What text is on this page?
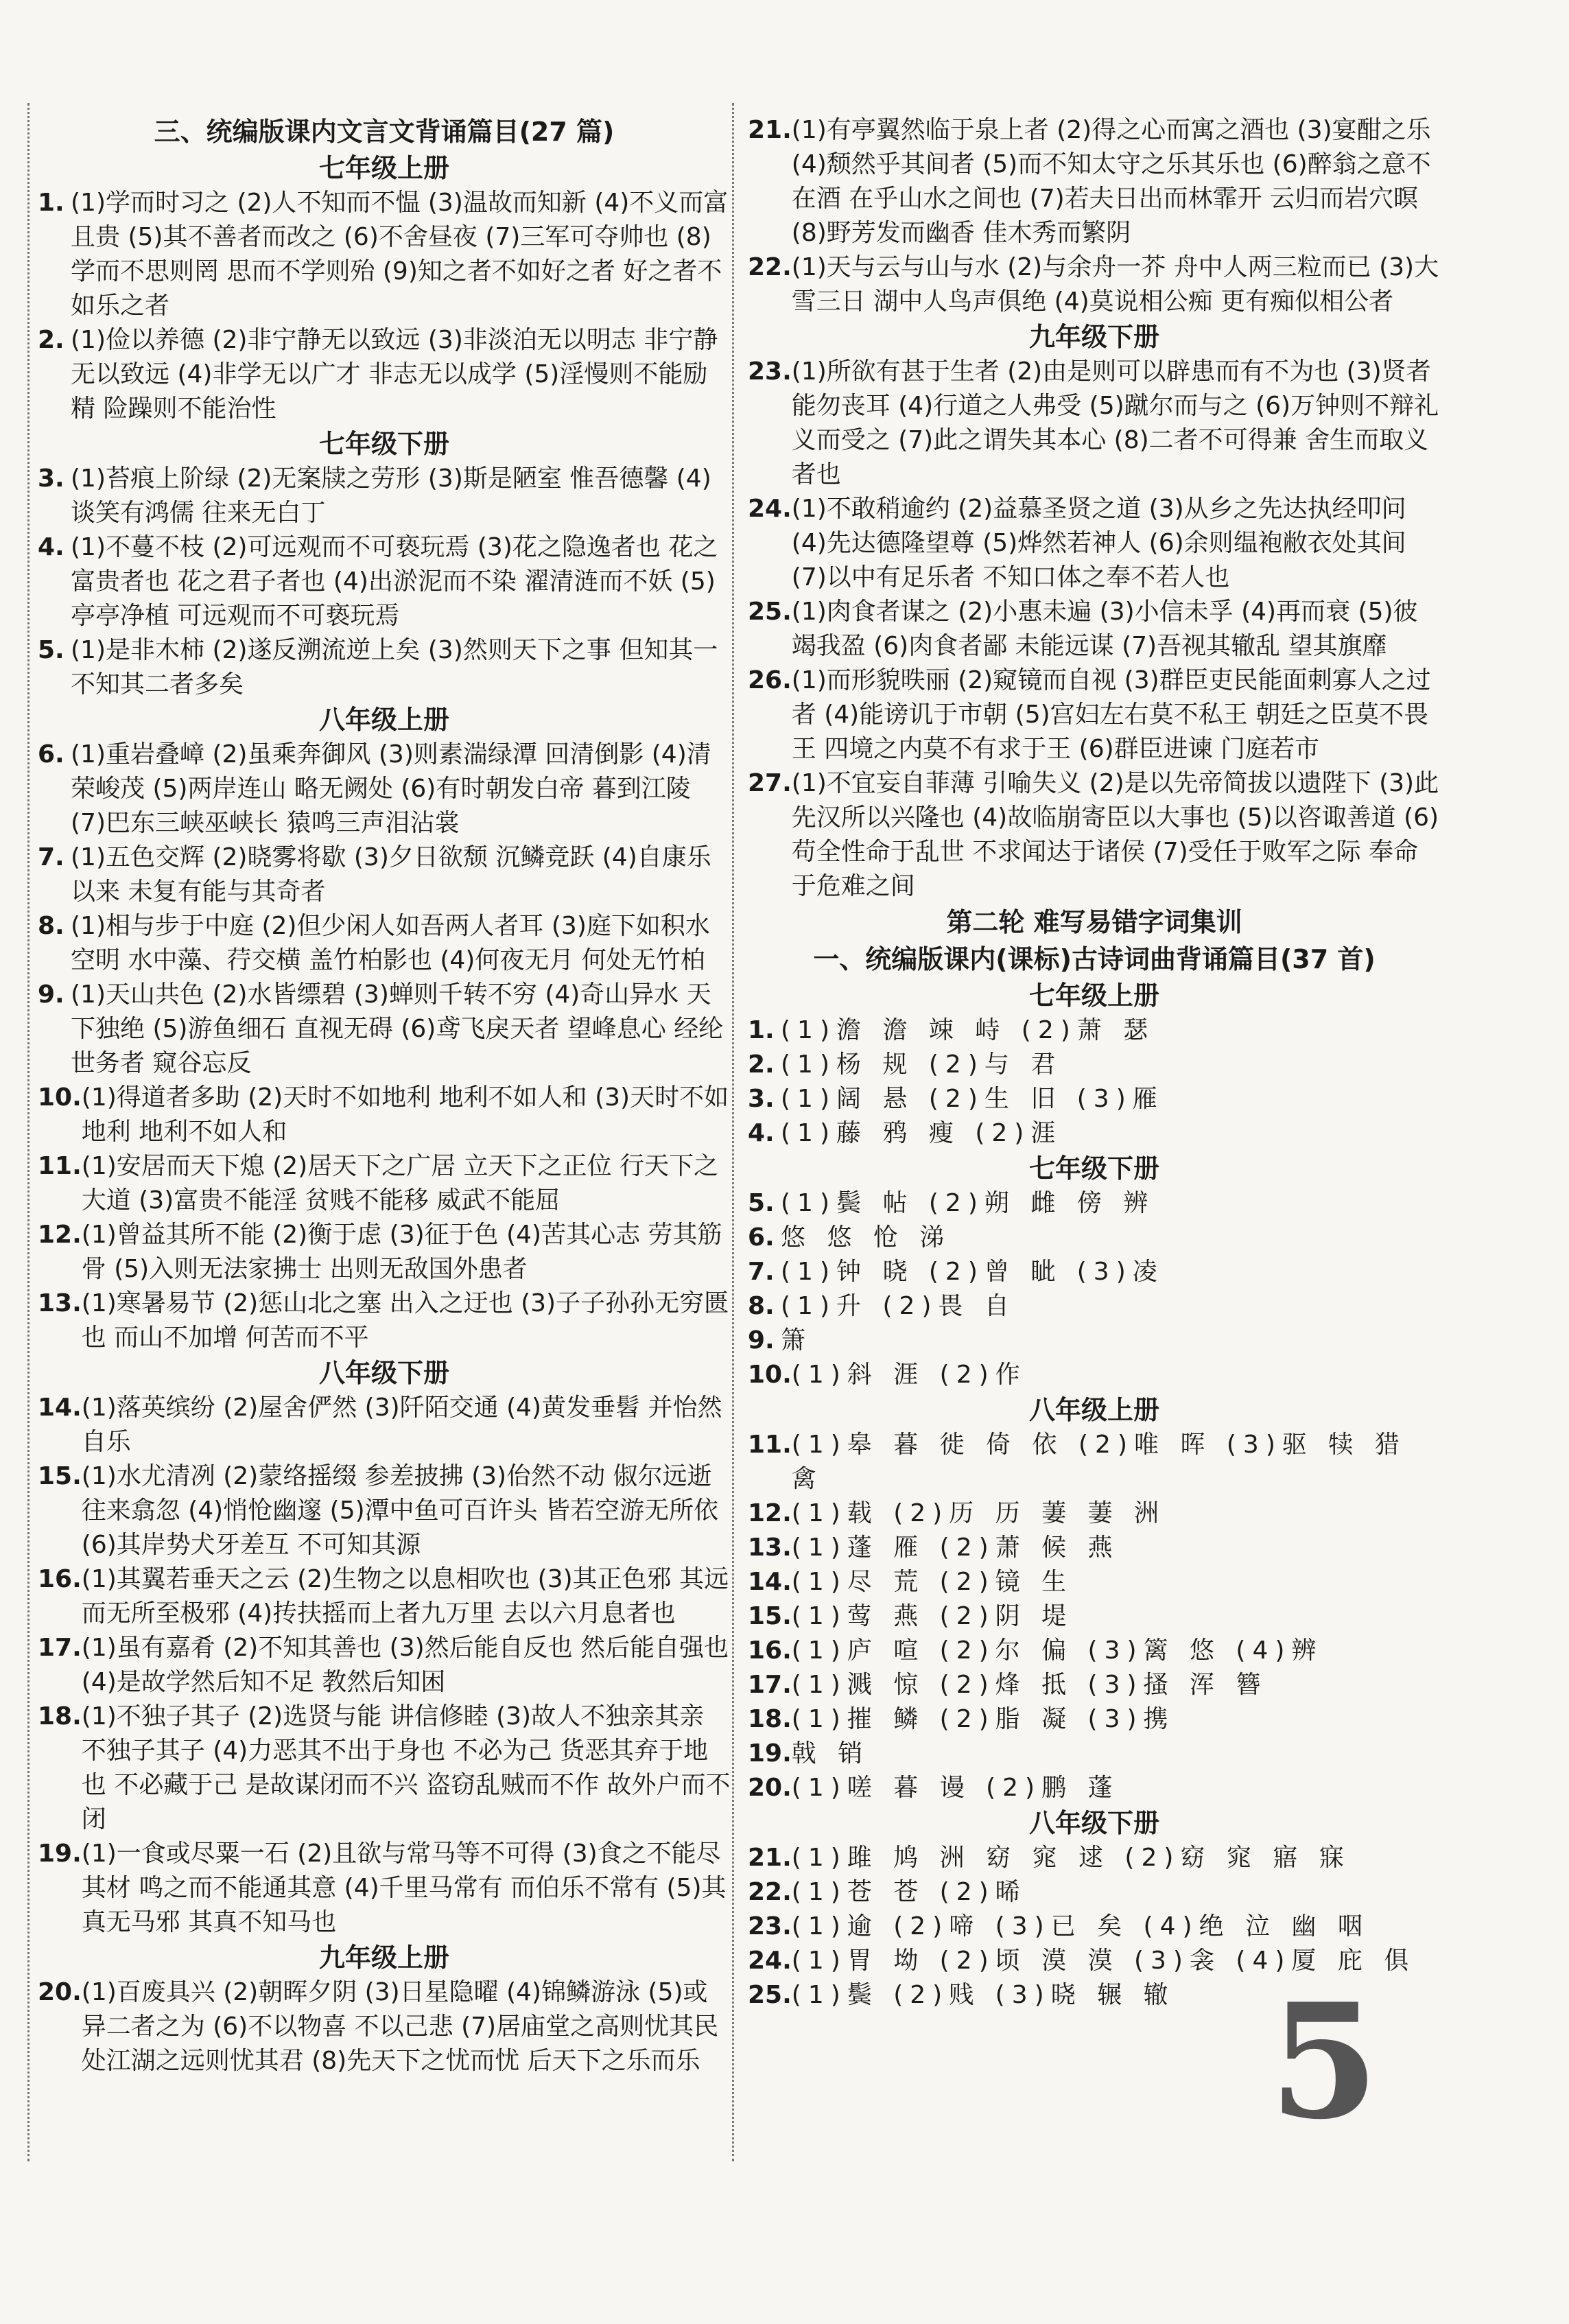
三、统编版课内文言文背诵篇目(27 篇)
七年级上册
1. (1)学而时习之 (2)人不知而不愠 (3)温故而知新 (4)不义而富且贵 (5)其不善者而改之 (6)不舍昼夜 (7)三军可夺帅也 (8)学而不思则罔 思而不学则殆 (9)知之者不如好之者 好之者不如乐之者
2. (1)俭以养德 (2)非宁静无以致远 (3)非淡泊无以明志 非宁静无以致远 (4)非学无以广才 非志无以成学 (5)淫慢则不能励精 险躁则不能治性
七年级下册
3. (1)苔痕上阶绿 (2)无案牍之劳形 (3)斯是陋室 惟吾德馨 (4)谈笑有鸿儒 往来无白丁
4. (1)不蔓不枝 (2)可远观而不可亵玩焉 (3)花之隐逸者也 花之富贵者也 花之君子者也 (4)出淤泥而不染 濯清涟而不妖 (5)亭亭净植 可远观而不可亵玩焉
5. (1)是非木柿 (2)遂反溯流逆上矣 (3)然则天下之事 但知其一 不知其二者多矣
八年级上册
6. (1)重岩叠嶂 (2)虽乘奔御风 (3)则素湍绿潭 回清倒影 (4)清荣峻茂 (5)两岸连山 略无阙处 (6)有时朝发白帝 暮到江陵 (7)巴东三峡巫峡长 猿鸣三声泪沾裳
7. (1)五色交辉 (2)晓雾将歇 (3)夕日欲颓 沉鳞竞跃 (4)自康乐以来 未复有能与其奇者
8. (1)相与步于中庭 (2)但少闲人如吾两人者耳 (3)庭下如积水空明 水中藻、荇交横 盖竹柏影也 (4)何夜无月 何处无竹柏
9. (1)天山共色 (2)水皆缥碧 (3)蝉则千转不穷 (4)奇山异水 天下独绝 (5)游鱼细石 直视无碍 (6)鸢飞戾天者 望峰息心 经纶世务者 窥谷忘反
10. (1)得道者多助 (2)天时不如地利 地利不如人和 (3)天时不如地利 地利不如人和
11. (1)安居而天下熄 (2)居天下之广居 立天下之正位 行天下之大道 (3)富贵不能淫 贫贱不能移 威武不能屈
12. (1)曾益其所不能 (2)衡于虑 (3)征于色 (4)苦其心志 劳其筋骨 (5)入则无法家拂士 出则无敌国外患者
13. (1)寒暑易节 (2)惩山北之塞 出入之迂也 (3)子子孙孙无穷匮也 而山不加增 何苦而不平
八年级下册
14. (1)落英缤纷 (2)屋舍俨然 (3)阡陌交通 (4)黄发垂髫 并怡然自乐
15. (1)水尤清冽 (2)蒙络摇缀 参差披拂 (3)佁然不动 俶尔远逝 往来翕忽 (4)悄怆幽邃 (5)潭中鱼可百许头 皆若空游无所依 (6)其岸势犬牙差互 不可知其源
16. (1)其翼若垂天之云 (2)生物之以息相吹也 (3)其正色邪 其远而无所至极邪 (4)抟扶摇而上者九万里 去以六月息者也
17. (1)虽有嘉肴 (2)不知其善也 (3)然后能自反也 然后能自强也 (4)是故学然后知不足 教然后知困
18. (1)不独子其子 (2)选贤与能 讲信修睦 (3)故人不独亲其亲 不独子其子 (4)力恶其不出于身也 不必为己 货恶其弃于地也 不必藏于己 是故谋闭而不兴 盗窃乱贼而不作 故外户而不闭
19. (1)一食或尽粟一石 (2)且欲与常马等不可得 (3)食之不能尽其材 鸣之而不能通其意 (4)千里马常有 而伯乐不常有 (5)其真无马邪 其真不知马也
九年级上册
20. (1)百废具兴 (2)朝晖夕阴 (3)日星隐曜 (4)锦鳞游泳 (5)或异二者之为 (6)不以物喜 不以己悲 (7)居庙堂之高则忧其民 处江湖之远则忧其君 (8)先天下之忧而忧 后天下之乐而乐
21. (1)有亭翼然临于泉上者 (2)得之心而寓之酒也 (3)宴酣之乐 (4)颓然乎其间者 (5)而不知太守之乐其乐也 (6)醉翁之意不在酒 在乎山水之间也 (7)若夫日出而林霏开 云归而岩穴暝 (8)野芳发而幽香 佳木秀而繁阴
22. (1)天与云与山与水 (2)与余舟一芥 舟中人两三粒而已 (3)大雪三日 湖中人鸟声俱绝 (4)莫说相公痴 更有痴似相公者
九年级下册
23. (1)所欲有甚于生者 (2)由是则可以辟患而有不为也 (3)贤者能勿丧耳 (4)行道之人弗受 (5)蹴尔而与之 (6)万钟则不辩礼义而受之 (7)此之谓失其本心 (8)二者不可得兼 舍生而取义者也
24. (1)不敢稍逾约 (2)益慕圣贤之道 (3)从乡之先达执经叩问 (4)先达德隆望尊 (5)烨然若神人 (6)余则缊袍敝衣处其间 (7)以中有足乐者 不知口体之奉不若人也
25. (1)肉食者谋之 (2)小惠未遍 (3)小信未孚 (4)再而衰 (5)彼竭我盈 (6)肉食者鄙 未能远谋 (7)吾视其辙乱 望其旗靡
26. (1)而形貌昳丽 (2)窥镜而自视 (3)群臣吏民能面刺寡人之过者 (4)能谤讥于市朝 (5)宫妇左右莫不私王 朝廷之臣莫不畏王 四境之内莫不有求于王 (6)群臣进谏 门庭若市
27. (1)不宜妄自菲薄 引喻失义 (2)是以先帝简拔以遗陛下 (3)此先汉所以兴隆也 (4)故临崩寄臣以大事也 (5)以咨诹善道 (6)苟全性命于乱世 不求闻达于诸侯 (7)受任于败军之际 奉命于危难之间
第二轮 难写易错字词集训
一、统编版课内(课标)古诗词曲背诵篇目(37 首)
七年级上册
1. (1)澹 澹 竦 峙 (2)萧 瑟
2. (1)杨 规 (2)与 君
3. (1)阔 悬 (2)生 旧 (3)雁
4. (1)藤 鸦 瘦 (2)涯
七年级下册
5. (1)鬓 帖 (2)朔 雌 傍 辨
6. 悠 悠 怆 涕
7. (1)钟 晓 (2)曾 眦 (3)凌
8. (1)升 (2)畏 自
9. 箫
10. (1)斜 涯 (2)作
八年级上册
11. (1)皋 暮 徙 倚 依 (2)唯 晖 (3)驱 犊 猎 禽
12. (1)载 (2)历 历 萋 萋 洲
13. (1)蓬 雁 (2)萧 候 燕
14. (1)尽 荒 (2)镜 生
15. (1)莺 燕 (2)阴 堤
16. (1)庐 喧 (2)尔 偏 (3)篱 悠 (4)辨
17. (1)溅 惊 (2)烽 抵 (3)搔 浑 簪
18. (1)摧 鳞 (2)脂 凝 (3)携
19. 戟 销
20. (1)嗟 暮 谩 (2)鹏 蓬
八年级下册
21. (1)雎 鸠 洲 窈 窕 逑 (2)窈 窕 寤 寐
22. (1)苍 苍 (2)晞
23. (1)逾 (2)啼 (3)已 矣 (4)绝 泣 幽 咽
24. (1)胃 坳 (2)顷 漠 漠 (3)衾 (4)厦 庇 俱
25. (1)鬓 (2)贱 (3)晓 辗 辙 5
